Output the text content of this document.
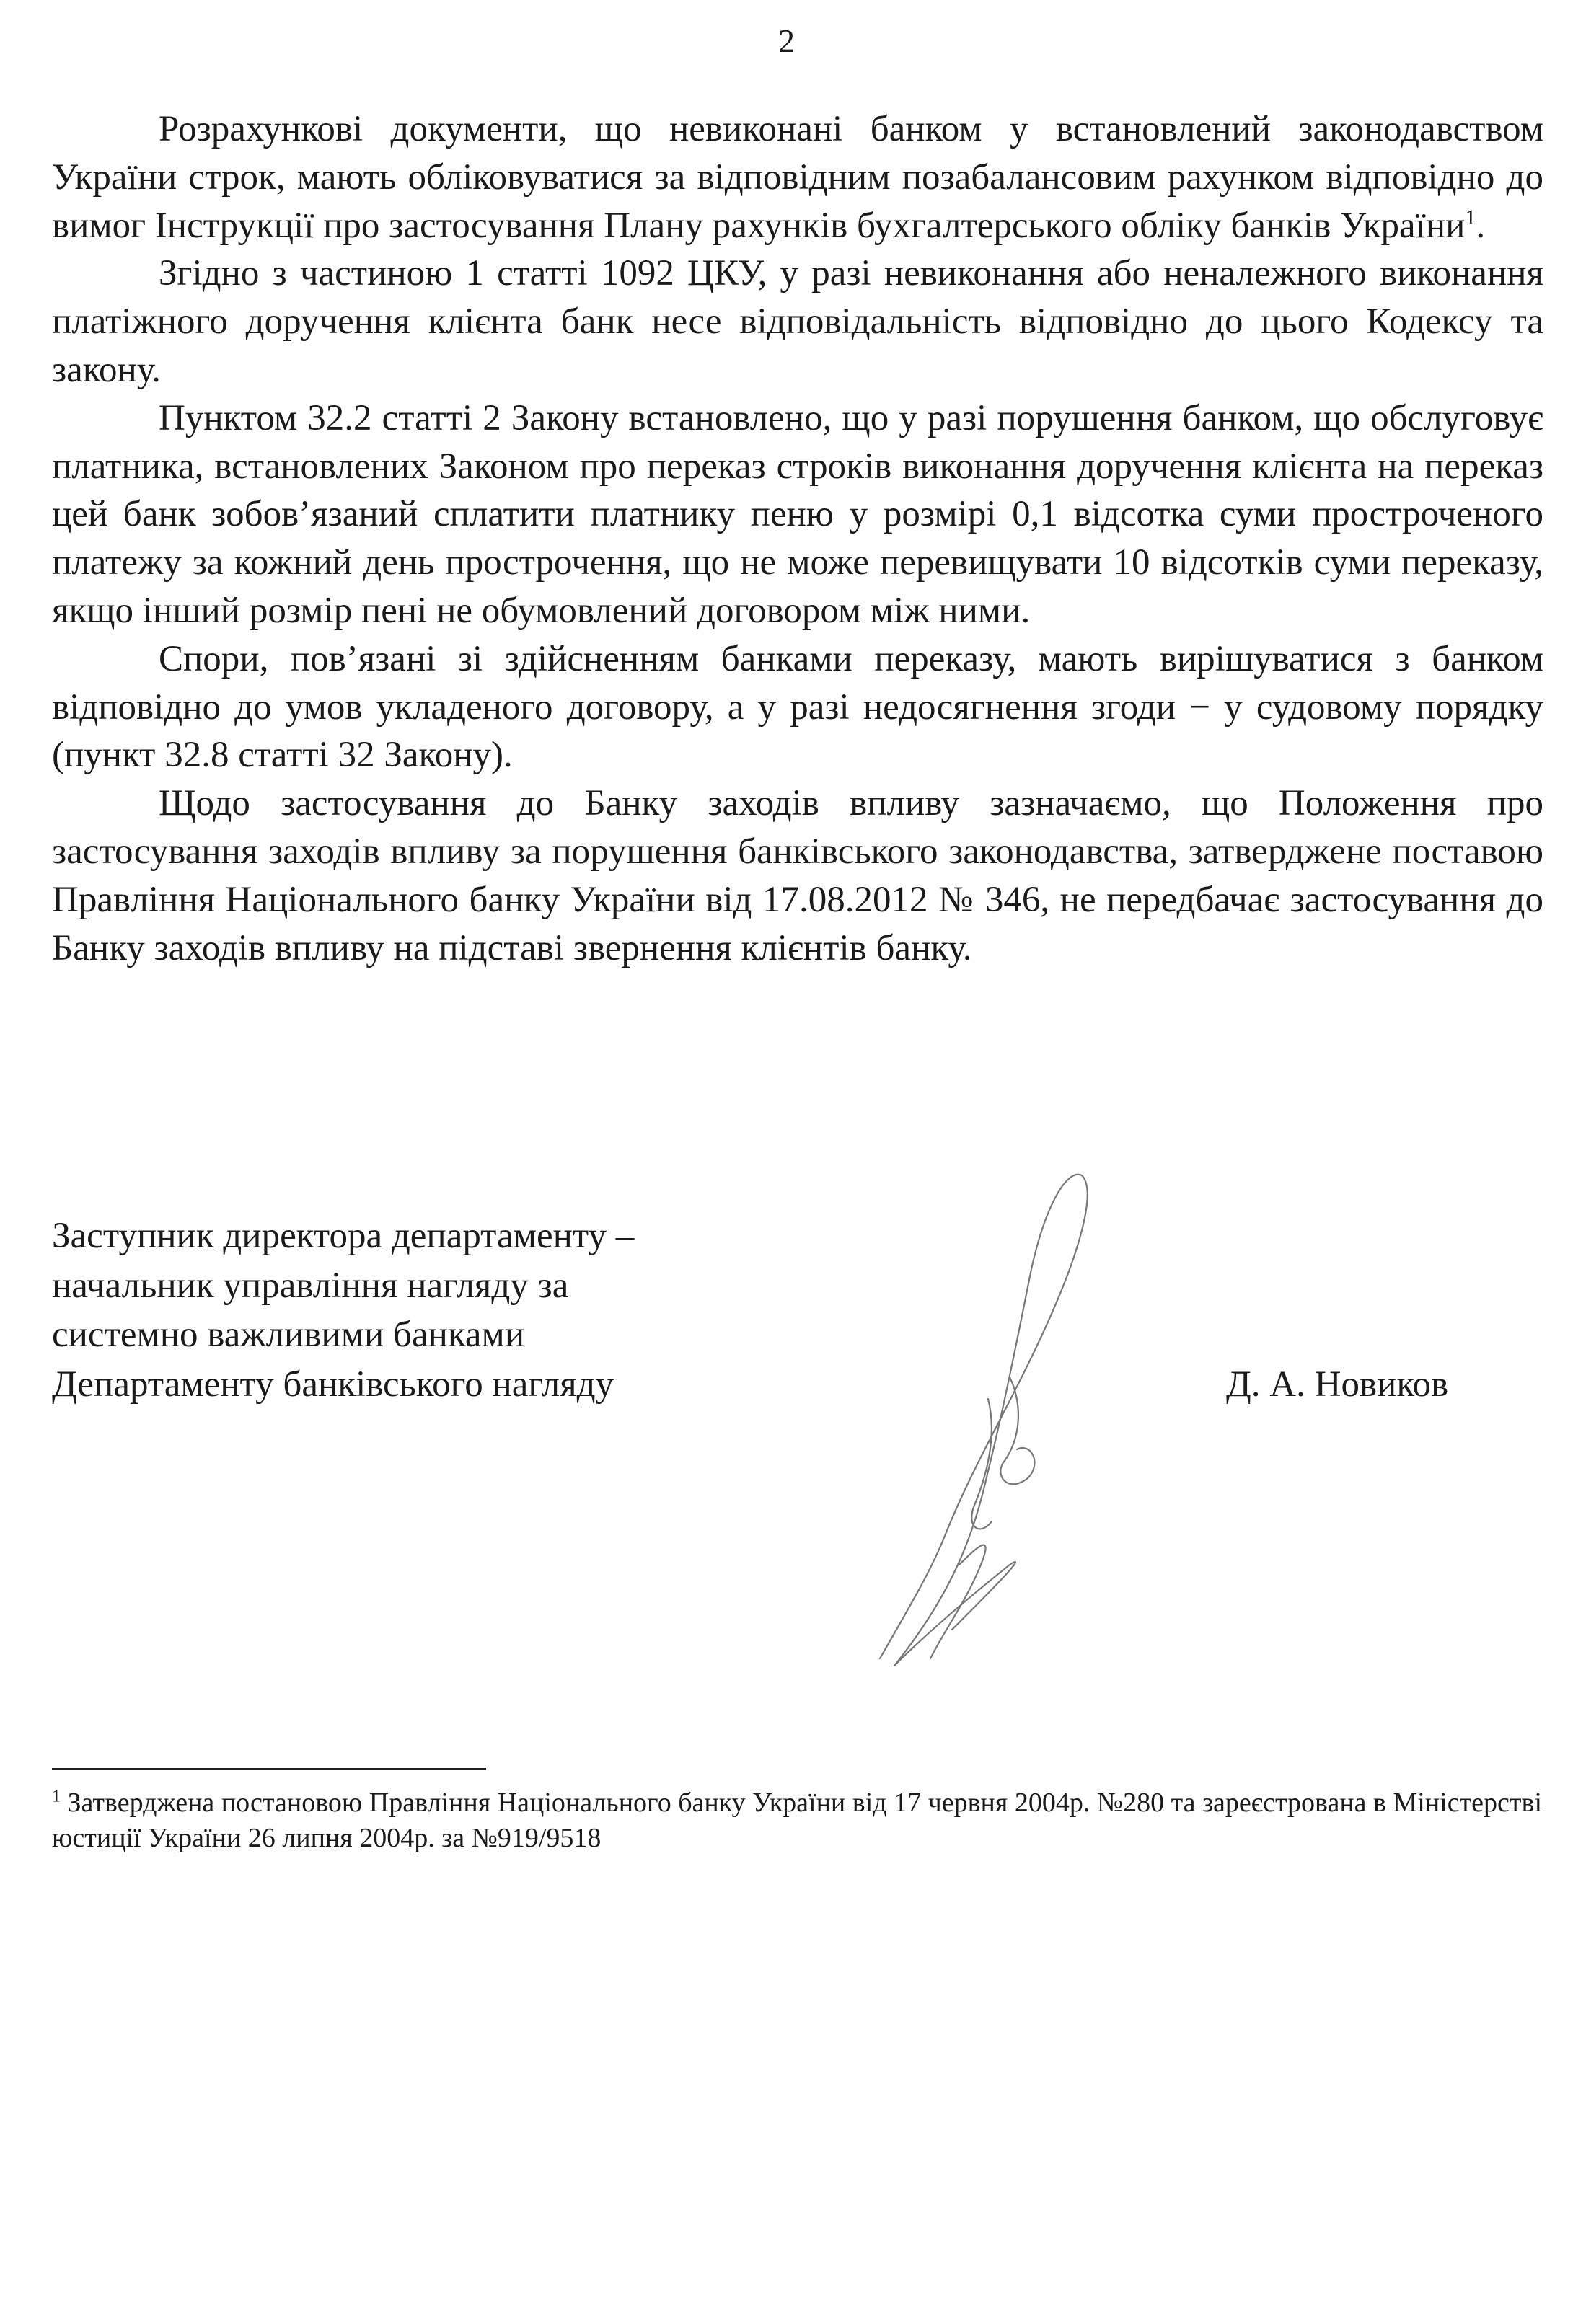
2

Розрахункові документи, що невиконані банком у встановлений законодавством України строк, мають обліковуватися за відповідним позабалансовим рахунком відповідно до вимог Інструкції про застосування Плану рахунків бухгалтерського обліку банків України$^1$.

Згідно з частиною 1 статті 1092 ЦКУ, у разі невиконання або неналежного виконання платіжного доручення клієнта банк несе відповідальність відповідно до цього Кодексу та закону.

Пунктом 32.2 статті 2 Закону встановлено, що у разі порушення банком, що обслуговує платника, встановлених Законом про переказ строків виконання доручення клієнта на переказ цей банк зобов’язаний сплатити платнику пеню у розмірі 0,1 відсотка суми простроченого платежу за кожний день прострочення, що не може перевищувати 10 відсотків суми переказу, якщо інший розмір пені не обумовлений договором між ними.

Спори, пов’язані зі здійсненням банками переказу, мають вирішуватися з банком відповідно до умов укладеного договору, а у разі недосягнення згоди − у судовому порядку (пункт 32.8 статті 32 Закону).

Щодо застосування до Банку заходів впливу зазначаємо, що Положення про застосування заходів впливу за порушення банківського законодавства, затверджене поставою Правління Національного банку України від 17.08.2012 № 346, не передбачає застосування до Банку заходів впливу на підставі звернення клієнтів банку.

Заступник директора департаменту –
начальник управління нагляду за
системно важливими банками
Департаменту банківського нагляду	Д. А. Новиков
$^1$ Затверджена постановою Правління Національного банку України від 17 червня 2004р. №280 та зареєстрована в Міністерстві юстиції України 26 липня 2004р. за №919/9518
